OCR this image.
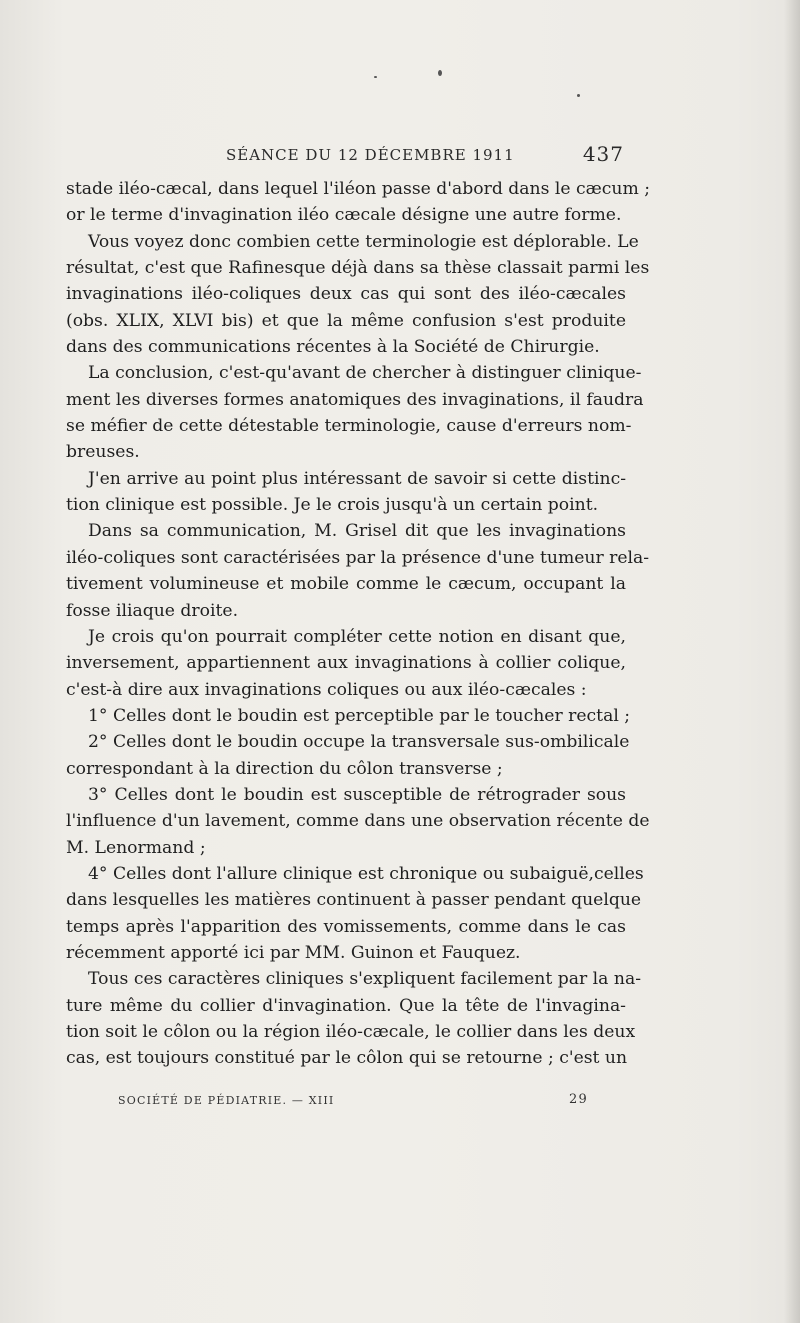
SÉANCE DU 12 DÉCEMBRE 1911	437
stade iléo-cæcal, dans lequel l'iléon passe d'abord dans le cæcum ;
or le terme d'invagination iléo cæcale désigne une autre forme.
Vous voyez donc combien cette terminologie est déplorable. Le
résultat, c'est que Rafinesque déjà dans sa thèse classait parmi les
invaginations iléo-coliques deux cas qui sont des iléo-cæcales
(obs. XLIX, XLVI bis) et que la même confusion s'est produite
dans des communications récentes à la Société de Chirurgie.
La conclusion, c'est-qu'avant de chercher à distinguer clinique-
ment les diverses formes anatomiques des invaginations, il faudra
se méfier de cette détestable terminologie, cause d'erreurs nom-
breuses.
J'en arrive au point plus intéressant de savoir si cette distinc-
tion clinique est possible. Je le crois jusqu'à un certain point.
Dans sa communication, M. Grisel dit que les invaginations
iléo-coliques sont caractérisées par la présence d'une tumeur rela-
tivement volumineuse et mobile comme le cæcum, occupant la
fosse iliaque droite.
Je crois qu'on pourrait compléter cette notion en disant que,
inversement, appartiennent aux invaginations à collier colique,
c'est-à dire aux invaginations coliques ou aux iléo-cæcales :
1° Celles dont le boudin est perceptible par le toucher rectal ;
2° Celles dont le boudin occupe la transversale sus-ombilicale
correspondant à la direction du côlon transverse ;
3° Celles dont le boudin est susceptible de rétrograder sous
l'influence d'un lavement, comme dans une observation récente de
M. Lenormand ;
4° Celles dont l'allure clinique est chronique ou subaiguë,celles
dans lesquelles les matières continuent à passer pendant quelque
temps après l'apparition des vomissements, comme dans le cas
récemment apporté ici par MM. Guinon et Fauquez.
Tous ces caractères cliniques s'expliquent facilement par la na-
ture même du collier d'invagination. Que la tête de l'invagina-
tion soit le côlon ou la région iléo-cæcale, le collier dans les deux
cas, est toujours constitué par le côlon qui se retourne ; c'est un
SOCIÉTÉ DE PÉDIATRIE. — XIII	29
